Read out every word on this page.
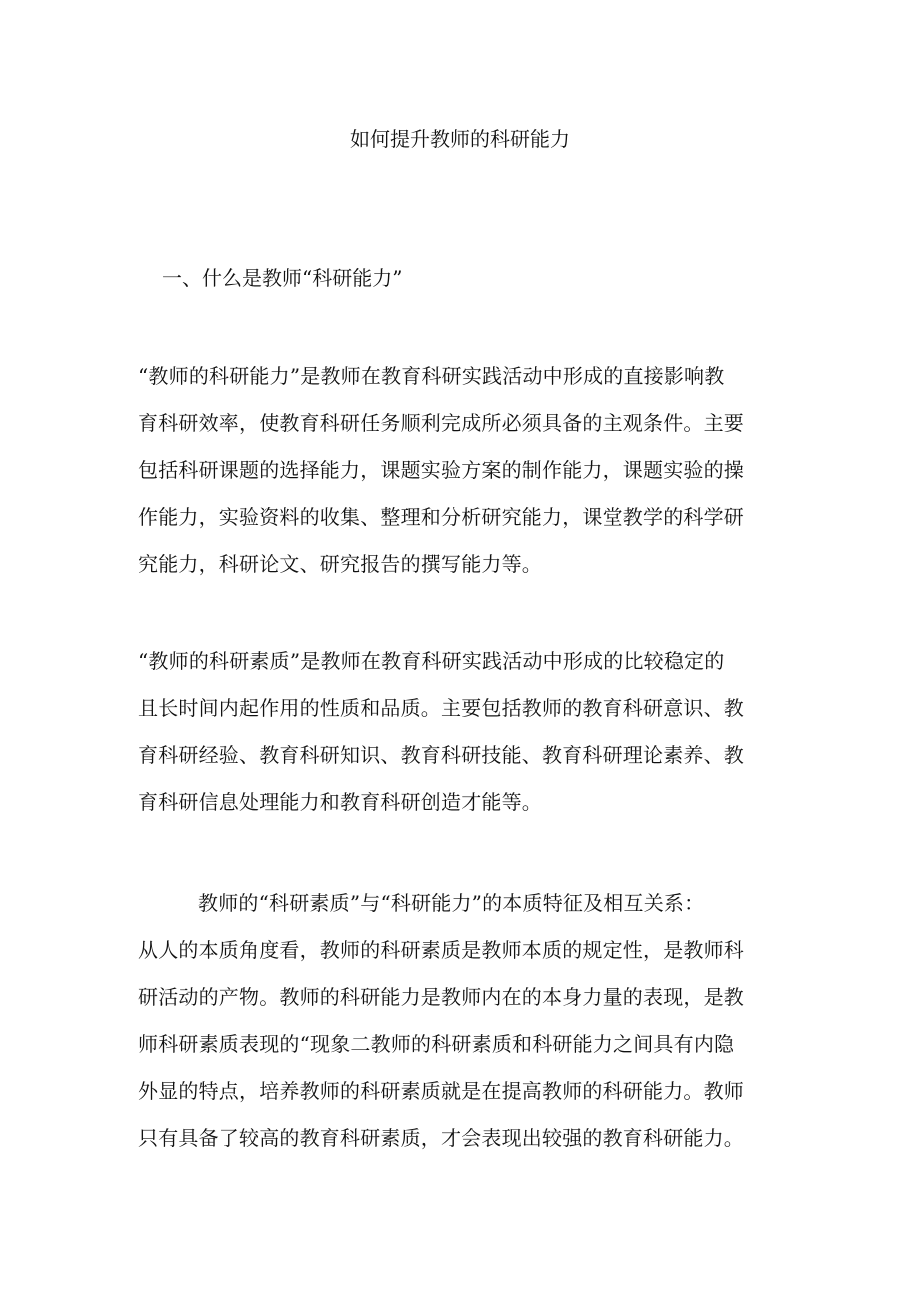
如何提升教师的科研能力
一、什么是教师“科研能力”

“教师的科研能力”是教师在教育科研实践活动中形成的直接影响教
育科研效率，使教育科研任务顺利完成所必须具备的主观条件。主要
包括科研课题的选择能力，课题实验方案的制作能力，课题实验的操
作能力，实验资料的收集、整理和分析研究能力，课堂教学的科学研
究能力，科研论文、研究报告的撰写能力等。

“教师的科研素质”是教师在教育科研实践活动中形成的比较稳定的
且长时间内起作用的性质和品质。主要包括教师的教育科研意识、教
育科研经验、教育科研知识、教育科研技能、教育科研理论素养、教
育科研信息处理能力和教育科研创造才能等。

教师的“科研素质”与“科研能力”的本质特征及相互关系：
从人的本质角度看，教师的科研素质是教师本质的规定性，是教师科
研活动的产物。教师的科研能力是教师内在的本身力量的表现，是教
师科研素质表现的“现象二教师的科研素质和科研能力之间具有内隐
外显的特点，培养教师的科研素质就是在提高教师的科研能力。教师
只有具备了较高的教育科研素质，才会表现出较强的教育科研能力。
